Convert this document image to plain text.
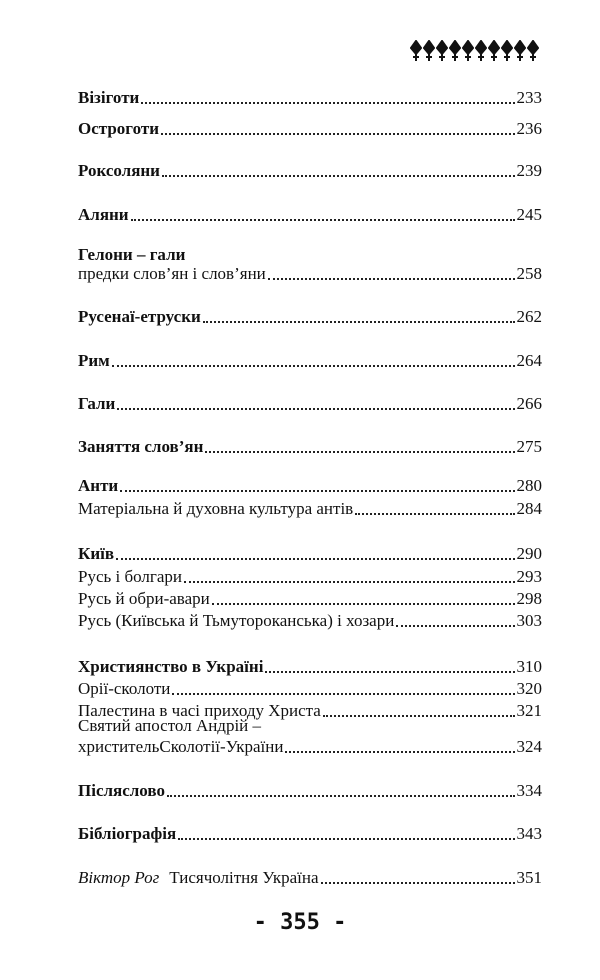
Візіготи	233
Остроготи	236
Роксоляни	239
Аляни	245
Гелони – гали
предки слов’ян і слов’яни	258
Русенаї-етруски	262
Рим	264
Гали	266
Заняття слов’ян	275
Анти	280
Матеріальна й духовна культура антів	284
Київ	290
Русь і болгари	293
Русь й обри-авари	298
Русь (Київська й Тьмутороканська) і хозари	303
Християнство в Україні	310
Орії-сколоти	320
Палестина в часі приходу Христа	321
Святий апостол Андрій –
христительСколотії-України	324
Післяслово	334
Бібліографія	343
Віктор Рог Тисячолітня Україна	351
- 355 -
